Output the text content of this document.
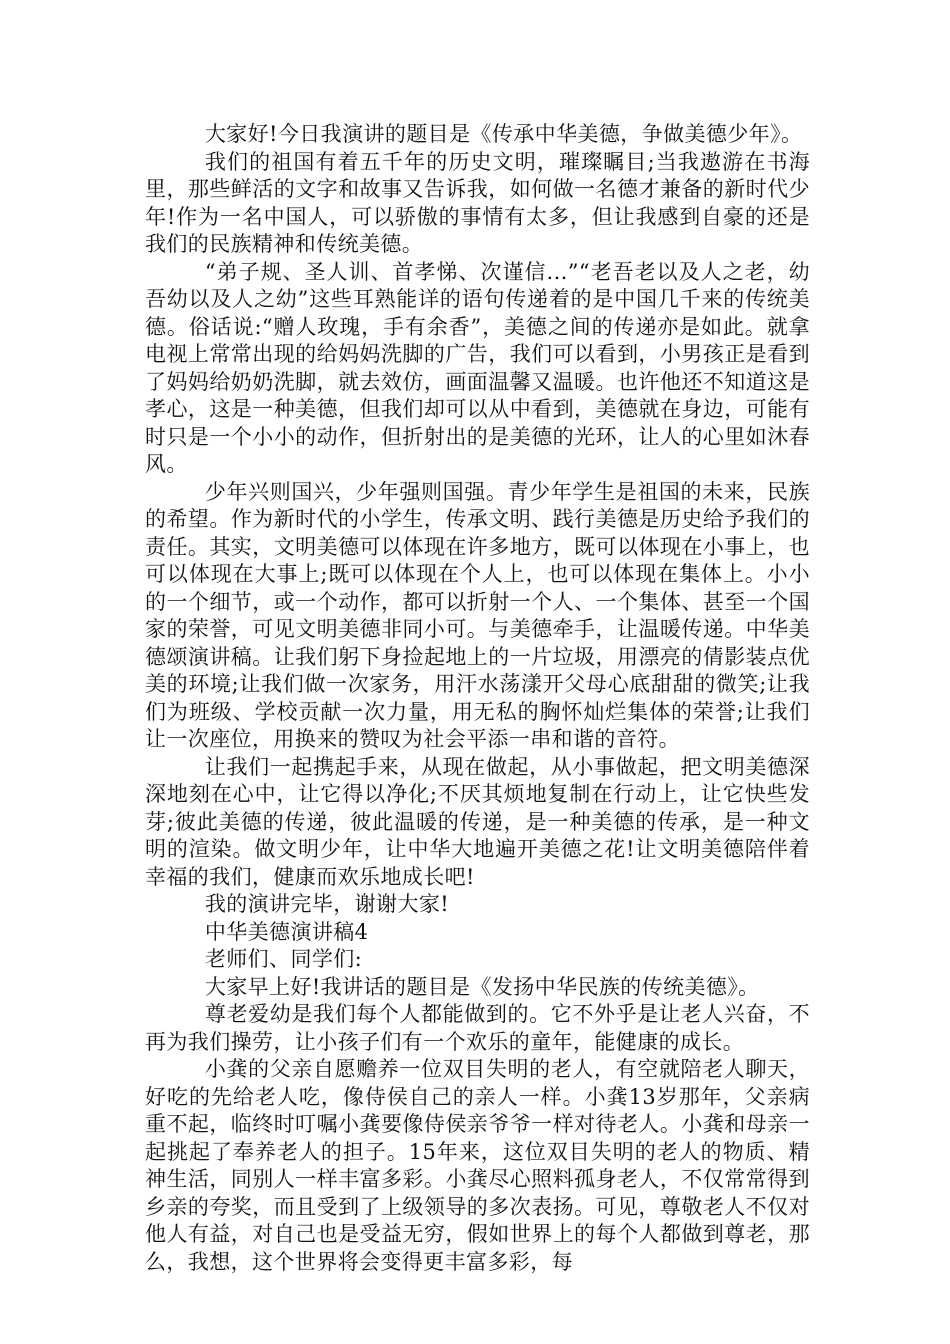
大家好!今日我演讲的题目是《传承中华美德，争做美德少年》。

我们的祖国有着五千年的历史文明，璀璨瞩目;当我遨游在书海里，那些鲜活的文字和故事又告诉我，如何做一名德才兼备的新时代少年!作为一名中国人，可以骄傲的事情有太多，但让我感到自豪的还是我们的民族精神和传统美德。

“弟子规、圣人训、首孝悌、次谨信...”“老吾老以及人之老，幼吾幼以及人之幼”这些耳熟能详的语句传递着的是中国几千来的传统美德。俗话说:“赠人玫瑰，手有余香”，美德之间的传递亦是如此。就拿电视上常常出现的给妈妈洗脚的广告，我们可以看到，小男孩正是看到了妈妈给奶奶洗脚，就去效仿，画面温馨又温暖。也许他还不知道这是孝心，这是一种美德，但我们却可以从中看到，美德就在身边，可能有时只是一个小小的动作，但折射出的是美德的光环，让人的心里如沐春风。

少年兴则国兴，少年强则国强。青少年学生是祖国的未来，民族的希望。作为新时代的小学生，传承文明、践行美德是历史给予我们的责任。其实，文明美德可以体现在许多地方，既可以体现在小事上，也可以体现在大事上;既可以体现在个人上，也可以体现在集体上。小小的一个细节，或一个动作，都可以折射一个人、一个集体、甚至一个国家的荣誉，可见文明美德非同小可。与美德牵手，让温暖传递。中华美德颂演讲稿。让我们躬下身捡起地上的一片垃圾，用漂亮的倩影装点优美的环境;让我们做一次家务，用汗水荡漾开父母心底甜甜的微笑;让我们为班级、学校贡献一次力量，用无私的胸怀灿烂集体的荣誉;让我们让一次座位，用换来的赞叹为社会平添一串和谐的音符。

让我们一起携起手来，从现在做起，从小事做起，把文明美德深深地刻在心中，让它得以净化;不厌其烦地复制在行动上，让它快些发芽;彼此美德的传递，彼此温暖的传递，是一种美德的传承，是一种文明的渲染。做文明少年，让中华大地遍开美德之花!让文明美德陪伴着幸福的我们，健康而欢乐地成长吧!

我的演讲完毕，谢谢大家!

中华美德演讲稿4

老师们、同学们:

大家早上好!我讲话的题目是《发扬中华民族的传统美德》。

尊老爱幼是我们每个人都能做到的。它不外乎是让老人兴奋，不再为我们操劳，让小孩子们有一个欢乐的童年，能健康的成长。

小龚的父亲自愿赡养一位双目失明的老人，有空就陪老人聊天，好吃的先给老人吃，像侍侯自己的亲人一样。小龚13岁那年，父亲病重不起，临终时叮嘱小龚要像侍侯亲爷爷一样对待老人。小龚和母亲一起挑起了奉养老人的担子。15年来，这位双目失明的老人的物质、精神生活，同别人一样丰富多彩。小龚尽心照料孤身老人，不仅常常得到乡亲的夸奖，而且受到了上级领导的多次表扬。可见，尊敬老人不仅对他人有益，对自己也是受益无穷，假如世界上的每个人都做到尊老，那么，我想，这个世界将会变得更丰富多彩，每
